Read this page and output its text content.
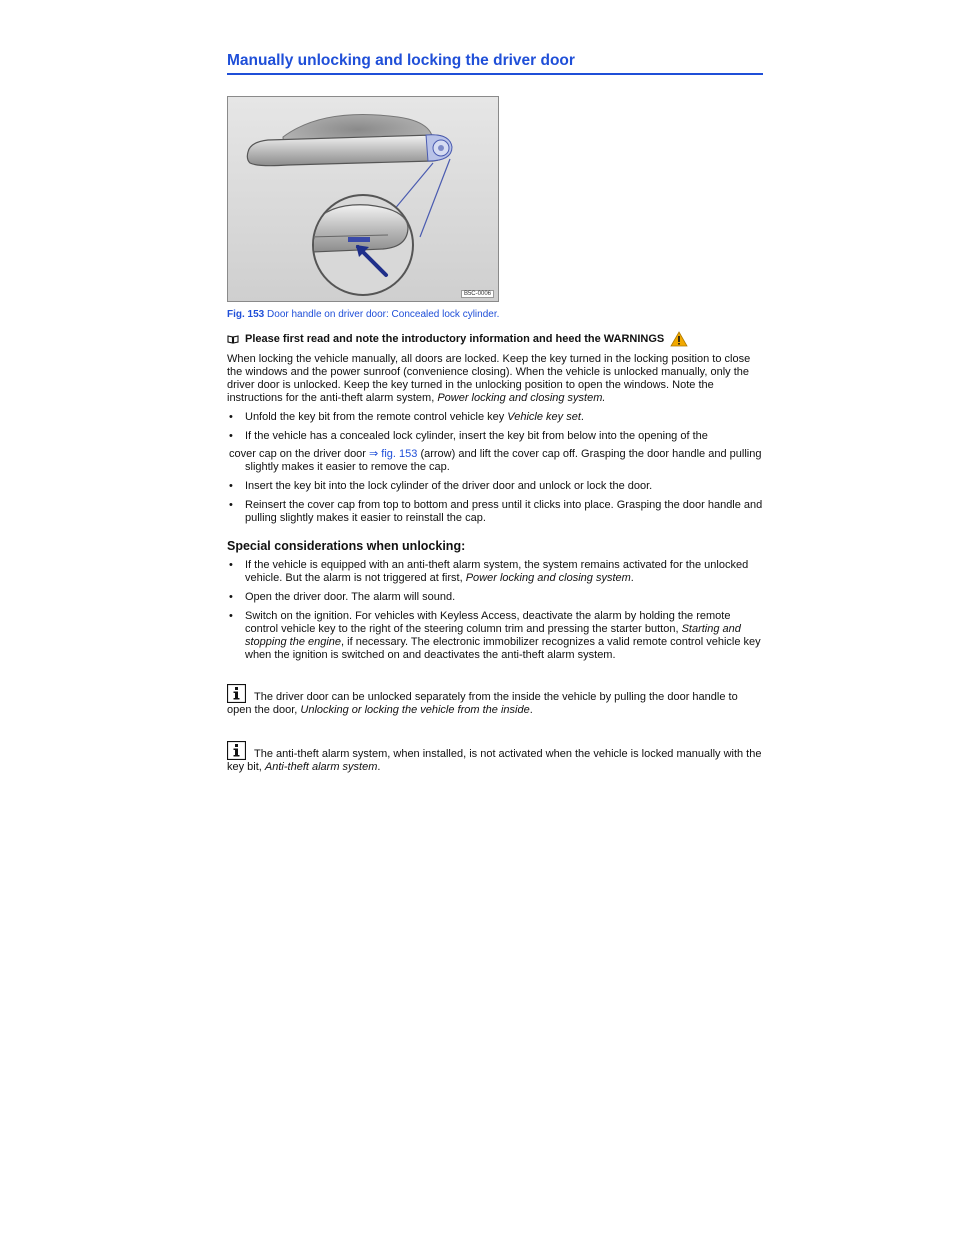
Manually unlocking and locking the driver door
B5C-0006
Fig. 153 Door handle on driver door: Concealed lock cylinder.
Please first read and note the introductory information and heed the WARNINGS

When locking the vehicle manually, all doors are locked. Keep the key turned in the locking position to close the windows and the power sunroof (convenience closing). When the vehicle is unlocked manually, only the driver door is unlocked. Keep the key turned in the unlocking position to open the windows. Note the instructions for the anti-theft alarm system, Power locking and closing system.

•	Unfold the key bit from the remote control vehicle key Vehicle key set.
•	If the vehicle has a concealed lock cylinder, insert the key bit from below into the opening of the
cover cap on the driver door ⇒ fig. 153 (arrow) and lift the cover cap off. Grasping the door handle and pulling slightly makes it easier to remove the cap.
•	Insert the key bit into the lock cylinder of the driver door and unlock or lock the door.
•	Reinsert the cover cap from top to bottom and press until it clicks into place. Grasping the door handle and pulling slightly makes it easier to reinstall the cap.
Special considerations when unlocking:
•	If the vehicle is equipped with an anti-theft alarm system, the system remains activated for the unlocked vehicle. But the alarm is not triggered at first, Power locking and closing system.
•	Open the driver door. The alarm will sound.
•	Switch on the ignition. For vehicles with Keyless Access, deactivate the alarm by holding the remote control vehicle key to the right of the steering column trim and pressing the starter button, Starting and stopping the engine, if necessary. The electronic immobilizer recognizes a valid remote control vehicle key when the ignition is switched on and deactivates the anti-theft alarm system.
The driver door can be unlocked separately from the inside the vehicle by pulling the door handle to open the door, Unlocking or locking the vehicle from the inside.
The anti-theft alarm system, when installed, is not activated when the vehicle is locked manually with the key bit, Anti-theft alarm system.
